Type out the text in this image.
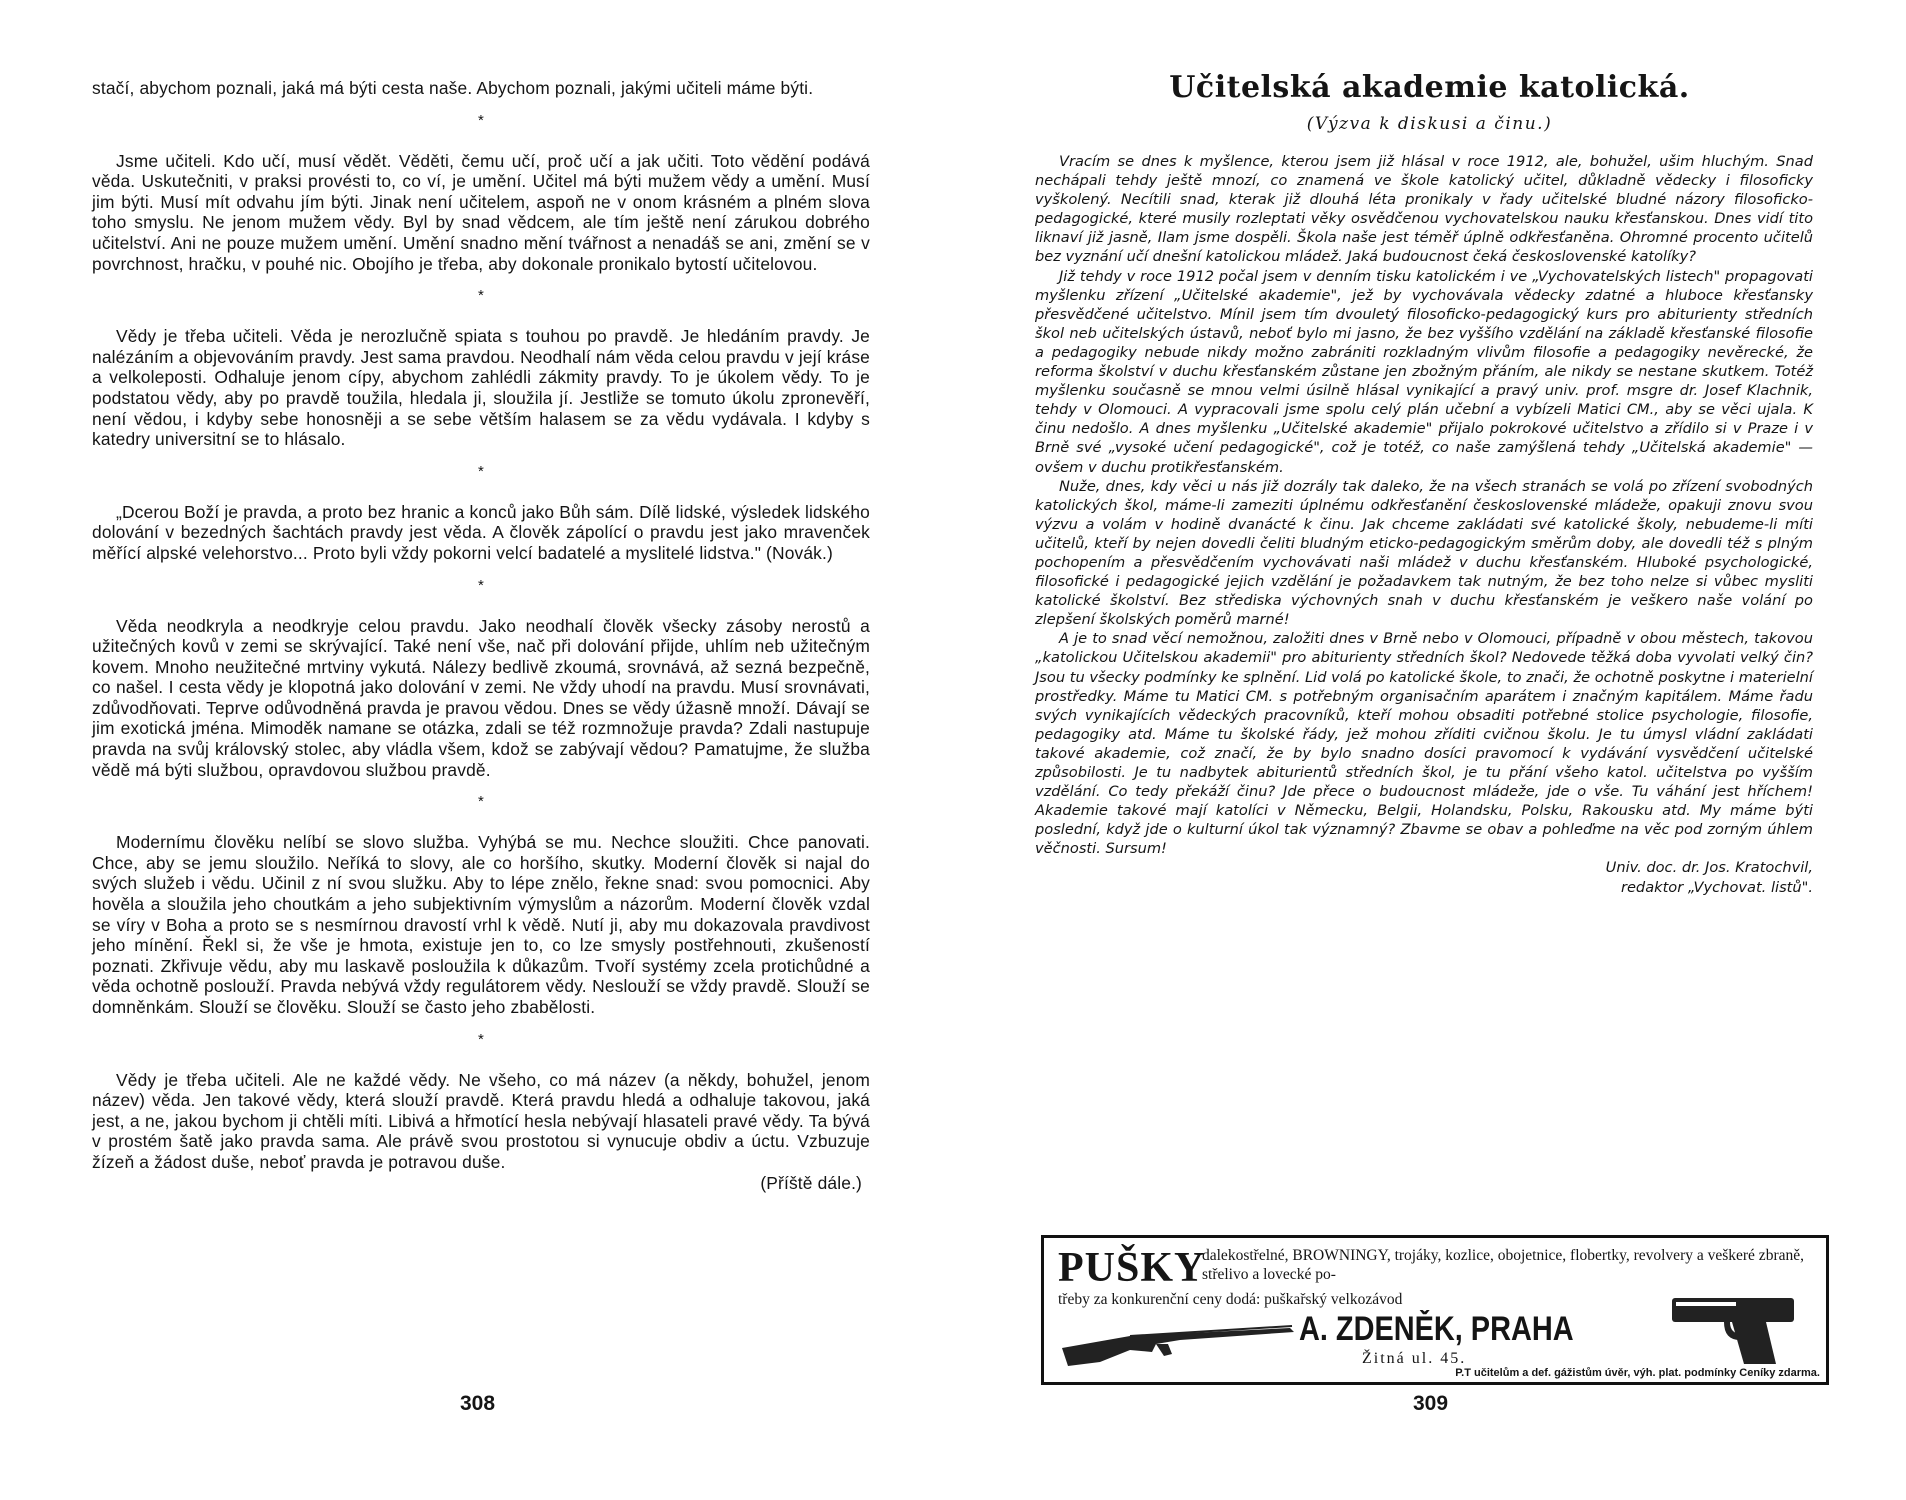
stačí, abychom poznali, jaká má býti cesta naše. Abychom poznali, jakými učiteli máme býti.

*

Jsme učiteli. Kdo učí, musí vědět. Věděti, čemu učí, proč učí a jak učiti. Toto vědění podává věda. Uskutečniti, v praksi provésti to, co ví, je umění. Učitel má býti mužem vědy a umění. Musí jim býti. Musí mít odvahu jím býti. Jinak není učitelem, aspoň ne v onom krásném a plném slova toho smyslu. Ne jenom mužem vědy. Byl by snad vědcem, ale tím ještě není zárukou dobrého učitelství. Ani ne pouze mužem umění. Umění snadno mění tvářnost a nenadáš se ani, změní se v povrchnost, hračku, v pouhé nic. Obojího je třeba, aby dokonale pronikalo bytostí učitelovou.

*

Vědy je třeba učiteli. Věda je nerozlučně spiata s touhou po pravdě. Je hledáním pravdy. Je nalézáním a objevováním pravdy. Jest sama pravdou. Neodhalí nám věda celou pravdu v její kráse a velkoleposti. Odhaluje jenom cípy, abychom zahlédli zákmity pravdy. To je úkolem vědy. To je podstatou vědy, aby po pravdě toužila, hledala ji, sloužila jí. Jestliže se tomuto úkolu zpronevěří, není vědou, i kdyby sebe honosněji a se sebe větším halasem se za vědu vydávala. I kdyby s katedry universitní se to hlásalo.

*

„Dcerou Boží je pravda, a proto bez hranic a konců jako Bůh sám. Dílě lidské, výsledek lidského dolování v bezedných šachtách pravdy jest věda. A člověk zápolící o pravdu jest jako mravenček měřící alpské velehorstvo... Proto byli vždy pokorni velcí badatelé a myslitelé lidstva." (Novák.)

*

Věda neodkryla a neodkryje celou pravdu. Jako neodhalí člověk všecky zásoby nerostů a užitečných kovů v zemi se skrývající. Také není vše, nač při dolování přijde, uhlím neb užitečným kovem. Mnoho neužitečné mrtviny vykutá. Nálezy bedlivě zkoumá, srovnává, až sezná bezpečně, co našel. I cesta vědy je klopotná jako dolování v zemi. Ne vždy uhodí na pravdu. Musí srovnávati, zdůvodňovati. Teprve odůvodněná pravda je pravou vědou. Dnes se vědy úžasně množí. Dávají se jim exotická jména. Mimoděk namane se otázka, zdali se též rozmnožuje pravda? Zdali nastupuje pravda na svůj královský stolec, aby vládla všem, kdož se zabývají vědou? Pamatujme, že služba vědě má býti službou, opravdovou službou pravdě.

*

Modernímu člověku nelíbí se slovo služba. Vyhýbá se mu. Nechce sloužiti. Chce panovati. Chce, aby se jemu sloužilo. Neříká to slovy, ale co horšího, skutky. Moderní člověk si najal do svých služeb i vědu. Učinil z ní svou služku. Aby to lépe znělo, řekne snad: svou pomocnici. Aby hověla a sloužila jeho choutkám a jeho subjektivním výmyslům a názorům. Moderní člověk vzdal se víry v Boha a proto se s nesmírnou dravostí vrhl k vědě. Nutí ji, aby mu dokazovala pravdivost jeho mínění. Řekl si, že vše je hmota, existuje jen to, co lze smysly postřehnouti, zkušeností poznati. Zkřivuje vědu, aby mu laskavě posloužila k důkazům. Tvoří systémy zcela protichůdné a věda ochotně poslouží. Pravda nebývá vždy regulátorem vědy. Neslouží se vždy pravdě. Slouží se domněnkám. Slouží se člověku. Slouží se často jeho zbabělosti.

*

Vědy je třeba učiteli. Ale ne každé vědy. Ne všeho, co má název (a někdy, bohužel, jenom název) věda. Jen takové vědy, která slouží pravdě. Která pravdu hledá a odhaluje takovou, jaká jest, a ne, jakou bychom ji chtěli míti. Libivá a hřmotící hesla nebývají hlasateli pravé vědy. Ta bývá v prostém šatě jako pravda sama. Ale právě svou prostotou si vynucuje obdiv a úctu. Vzbuzuje žízeň a žádost duše, neboť pravda je potravou duše.

(Příště dále.)
308
Učitelská akademie katolická.
(Výzva k diskusi a činu.)

Vracím se dnes k myšlence, kterou jsem již hlásal v roce 1912, ale, bohužel, ušim hluchým. Snad nechápali tehdy ještě mnozí, co znamená ve škole katolický učitel, důkladně vědecky i filosoficky vyškolený. Necítili snad, kterak již dlouhá léta pronikaly v řady učitelské bludné názory filosoficko-pedagogické, které musily rozleptati věky osvědčenou vychovatelskou nauku křesťanskou. Dnes vidí tito liknaví již jasně, Ilam jsme dospěli. Škola naše jest téměř úplně odkřesťaněna. Ohromné procento učitelů bez vyznání učí dnešní katolickou mládež. Jaká budoucnost čeká československé katolíky?

Již tehdy v roce 1912 počal jsem v denním tisku katolickém i ve „Vychovatelských listech" propagovati myšlenku zřízení „Učitelské akademie", jež by vychovávala vědecky zdatné a hluboce křesťansky přesvědčené učitelstvo. Mínil jsem tím dvouletý filosoficko-pedagogický kurs pro abiturienty středních škol neb učitelských ústavů, neboť bylo mi jasno, že bez vyššího vzdělání na základě křesťanské filosofie a pedagogiky nebude nikdy možno zabrániti rozkladným vlivům filosofie a pedagogiky nevěrecké, že reforma školství v duchu křesťanském zůstane jen zbožným přáním, ale nikdy se nestane skutkem. Totéž myšlenku současně se mnou velmi úsilně hlásal vynikající a pravý univ. prof. msgre dr. Josef Klachnik, tehdy v Olomouci. A vypracovali jsme spolu celý plán učební a vybízeli Matici CM., aby se věci ujala. K činu nedošlo. A dnes myšlenku „Učitelské akademie" přijalo pokrokové učitelstvo a zřídilo si v Praze i v Brně své „vysoké učení pedagogické", což je totéž, co naše zamýšlená tehdy „Učitelská akademie" — ovšem v duchu protikřesťanském.

Nuže, dnes, kdy věci u nás již dozrály tak daleko, že na všech stranách se volá po zřízení svobodných katolických škol, máme-li zameziti úplnému odkřesťanění československé mládeže, opakuji znovu svou výzvu a volám v hodině dvanácté k činu. Jak chceme zakládati své katolické školy, nebudeme-li míti učitelů, kteří by nejen dovedli čeliti bludným eticko-pedagogickým směrům doby, ale dovedli též s plným pochopením a přesvědčením vychovávati naši mládež v duchu křesťanském. Hluboké psychologické, filosofické i pedagogické jejich vzdělání je požadavkem tak nutným, že bez toho nelze si vůbec mysliti katolické školství. Bez střediska výchovných snah v duchu křesťanském je veškero naše volání po zlepšení školských poměrů marné!

A je to snad věcí nemožnou, založiti dnes v Brně nebo v Olomouci, případně v obou městech, takovou „katolickou Učitelskou akademii" pro abiturienty středních škol? Nedovede těžká doba vyvolati velký čin? Jsou tu všecky podmínky ke splnění. Lid volá po katolické škole, to znači, že ochotně poskytne i materielní prostředky. Máme tu Matici CM. s potřebným organisačním aparátem i značným kapitálem. Máme řadu svých vynikajících vědeckých pracovníků, kteří mohou obsaditi potřebné stolice psychologie, filosofie, pedagogiky atd. Máme tu školské řády, jež mohou zříditi cvičnou školu. Je tu úmysl vládní zakládati takové akademie, což značí, že by bylo snadno dosíci pravomocí k vydávání vysvědčení učitelské způsobilosti. Je tu nadbytek abiturientů středních škol, je tu přání všeho katol. učitelstva po vyšším vzdělání. Co tedy překáží činu? Jde přece o budoucnost mládeže, jde o vše. Tu váhání jest hříchem! Akademie takové mají katolíci v Německu, Belgii, Holandsku, Polsku, Rakousku atd. My máme býti poslední, když jde o kulturní úkol tak významný? Zbavme se obav a pohleďme na věc pod zorným úhlem věčnosti. Sursum!

Univ. doc. dr. Jos. Kratochvil,
redaktor „Vychovat. listů".
PUŠKY
dalekostřelné, BROWNINGY, trojáky, kozlice, obojetnice, flobertky, revolvery a veškeré zbraně, střelivo a lovecké po-
třeby za konkurenční ceny dodá: puškařský velkozávod
A. ZDENĚK, PRAHA
Žitná ul. 45.
P.T učitelům a def. gážistům úvěr, výh. plat. podmínky Ceníky zdarma.
309
